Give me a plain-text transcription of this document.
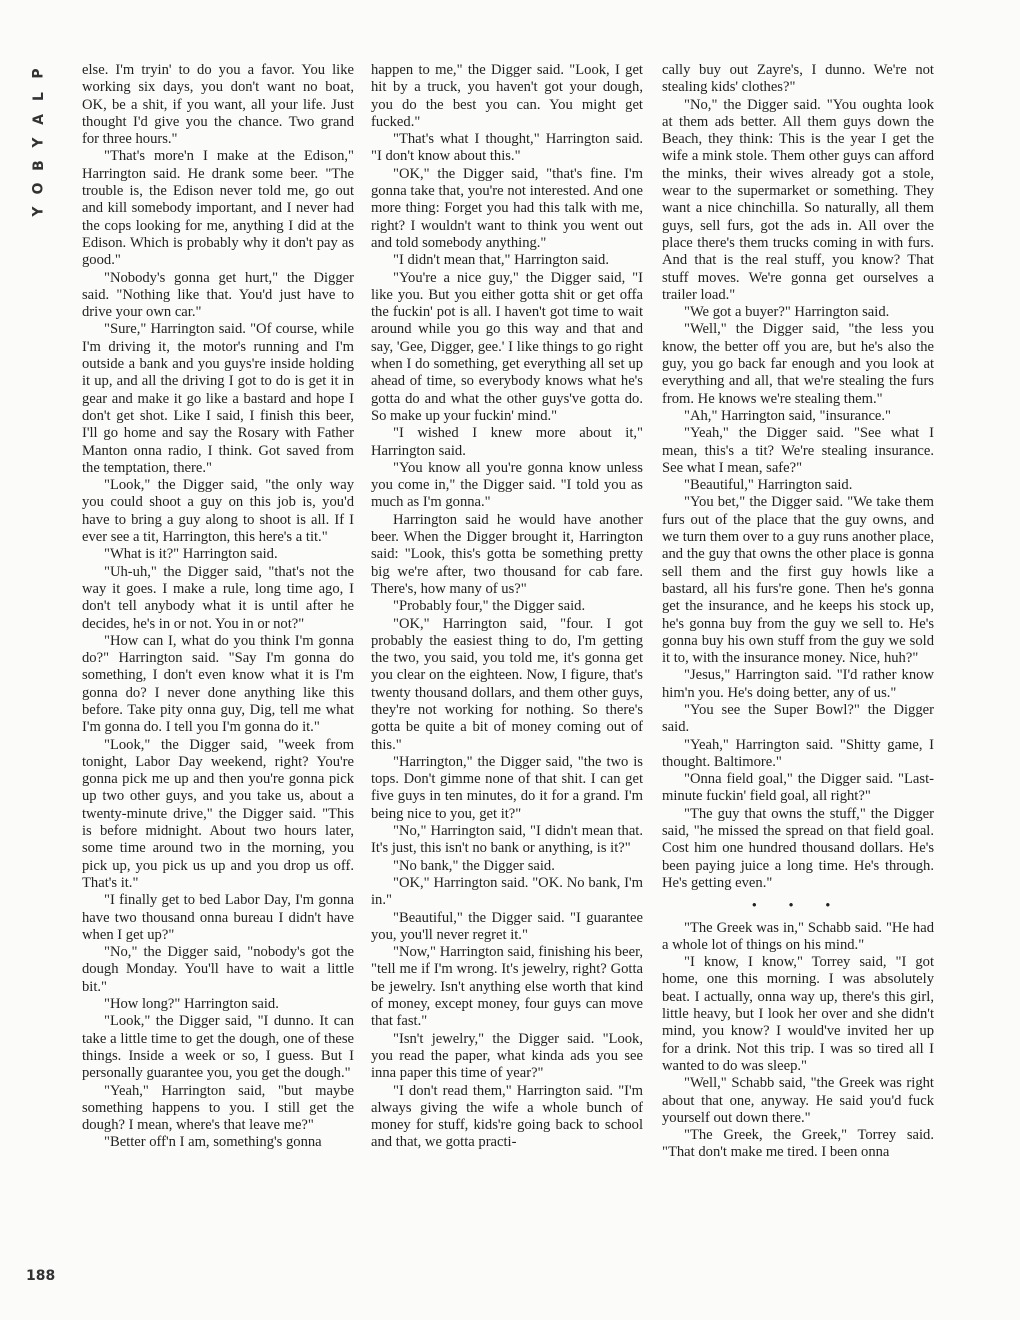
P
L
A
Y
B
O
Y
188

else. I'm tryin' to do you a favor. You like working six days, you don't want no boat, OK, be a shit, if you want, all your life. Just thought I'd give you the chance. Two grand for three hours."

"That's more'n I make at the Edison," Harrington said. He drank some beer. "The trouble is, the Edison never told me, go out and kill somebody important, and I never had the cops looking for me, anything I did at the Edison. Which is probably why it don't pay as good."

"Nobody's gonna get hurt," the Digger said. "Nothing like that. You'd just have to drive your own car."

"Sure," Harrington said. "Of course, while I'm driving it, the motor's running and I'm outside a bank and you guys're inside holding it up, and all the driving I got to do is get it in gear and make it go like a bastard and hope I don't get shot. Like I said, I finish this beer, I'll go home and say the Rosary with Father Manton onna radio, I think. Got saved from the temptation, there."

"Look," the Digger said, "the only way you could shoot a guy on this job is, you'd have to bring a guy along to shoot is all. If I ever see a tit, Harrington, this here's a tit."

"What is it?" Harrington said.

"Uh-uh," the Digger said, "that's not the way it goes. I make a rule, long time ago, I don't tell anybody what it is until after he decides, he's in or not. You in or not?"

"How can I, what do you think I'm gonna do?" Harrington said. "Say I'm gonna do something, I don't even know what it is I'm gonna do? I never done anything like this before. Take pity onna guy, Dig, tell me what I'm gonna do. I tell you I'm gonna do it."

"Look," the Digger said, "week from tonight, Labor Day weekend, right? You're gonna pick me up and then you're gonna pick up two other guys, and you take us, about a twenty-minute drive," the Digger said. "This is before midnight. About two hours later, some time around two in the morning, you pick up, you pick us up and you drop us off. That's it."

"I finally get to bed Labor Day, I'm gonna have two thousand onna bureau I didn't have when I get up?"

"No," the Digger said, "nobody's got the dough Monday. You'll have to wait a little bit."

"How long?" Harrington said.

"Look," the Digger said, "I dunno. It can take a little time to get the dough, one of these things. Inside a week or so, I guess. But I personally guarantee you, you get the dough."

"Yeah," Harrington said, "but maybe something happens to you. I still get the dough? I mean, where's that leave me?"

"Better off'n I am, something's gonna

happen to me," the Digger said. "Look, I get hit by a truck, you haven't got your dough, you do the best you can. You might get fucked."

"That's what I thought," Harrington said. "I don't know about this."

"OK," the Digger said, "that's fine. I'm gonna take that, you're not interested. And one more thing: Forget you had this talk with me, right? I wouldn't want to think you went out and told somebody anything."

"I didn't mean that," Harrington said.

"You're a nice guy," the Digger said, "I like you. But you either gotta shit or get offa the fuckin' pot is all. I haven't got time to wait around while you go this way and that and say, 'Gee, Digger, gee.' I like things to go right when I do something, get everything all set up ahead of time, so everybody knows what he's gotta do and what the other guys've gotta do. So make up your fuckin' mind."

"I wished I knew more about it," Harrington said.

"You know all you're gonna know unless you come in," the Digger said. "I told you as much as I'm gonna."

Harrington said he would have another beer. When the Digger brought it, Harrington said: "Look, this's gotta be something pretty big we're after, two thousand for cab fare. There's, how many of us?"

"Probably four," the Digger said.

"OK," Harrington said, "four. I got probably the easiest thing to do, I'm getting the two, you said, you told me, it's gonna get you clear on the eighteen. Now, I figure, that's twenty thousand dollars, and them other guys, they're not working for nothing. So there's gotta be quite a bit of money coming out of this."

"Harrington," the Digger said, "the two is tops. Don't gimme none of that shit. I can get five guys in ten minutes, do it for a grand. I'm being nice to you, get it?"

"No," Harrington said, "I didn't mean that. It's just, this isn't no bank or anything, is it?"

"No bank," the Digger said.

"OK," Harrington said. "OK. No bank, I'm in."

"Beautiful," the Digger said. "I guarantee you, you'll never regret it."

"Now," Harrington said, finishing his beer, "tell me if I'm wrong. It's jewelry, right? Gotta be jewelry. Isn't anything else worth that kind of money, except money, four guys can move that fast."

"Isn't jewelry," the Digger said. "Look, you read the paper, what kinda ads you see inna paper this time of year?"

"I don't read them," Harrington said. "I'm always giving the wife a whole bunch of money for stuff, kids're going back to school and that, we gotta practi-

cally buy out Zayre's, I dunno. We're not stealing kids' clothes?"

"No," the Digger said. "You oughta look at them ads better. All them guys down the Beach, they think: This is the year I get the wife a mink stole. Them other guys can afford the minks, their wives already got a stole, wear to the supermarket or something. They want a nice chinchilla. So naturally, all them guys, sell furs, got the ads in. All over the place there's them trucks coming in with furs. And that is the real stuff, you know? That stuff moves. We're gonna get ourselves a trailer load."

"We got a buyer?" Harrington said.

"Well," the Digger said, "the less you know, the better off you are, but he's also the guy, you go back far enough and you look at everything and all, that we're stealing the furs from. He knows we're stealing them."

"Ah," Harrington said, "insurance."

"Yeah," the Digger said. "See what I mean, this's a tit? We're stealing insurance. See what I mean, safe?"

"Beautiful," Harrington said.

"You bet," the Digger said. "We take them furs out of the place that the guy owns, and we turn them over to a guy runs another place, and the guy that owns the other place is gonna sell them and the first guy howls like a bastard, all his furs're gone. Then he's gonna get the insurance, and he keeps his stock up, he's gonna buy from the guy we sell to. He's gonna buy his own stuff from the guy we sold it to, with the insurance money. Nice, huh?"

"Jesus," Harrington said. "I'd rather know him'n you. He's doing better, any of us."

"You see the Super Bowl?" the Digger said.

"Yeah," Harrington said. "Shitty game, I thought. Baltimore."

"Onna field goal," the Digger said. "Last-minute fuckin' field goal, all right?"

"The guy that owns the stuff," the Digger said, "he missed the spread on that field goal. Cost him one hundred thousand dollars. He's been paying juice a long time. He's through. He's getting even."

• • •

"The Greek was in," Schabb said. "He had a whole lot of things on his mind."

"I know, I know," Torrey said, "I got home, one this morning. I was absolutely beat. I actually, onna way up, there's this girl, little heavy, but I look her over and she didn't mind, you know? I would've invited her up for a drink. Not this trip. I was so tired all I wanted to do was sleep."

"Well," Schabb said, "the Greek was right about that one, anyway. He said you'd fuck yourself out down there."

"The Greek, the Greek," Torrey said. "That don't make me tired. I been onna
